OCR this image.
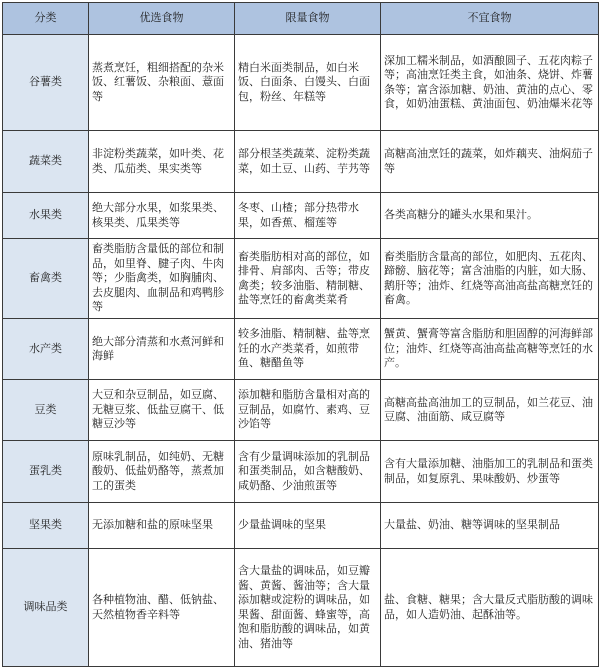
分类	优选食物	限量食物	不宜食物
谷薯类	蒸煮烹饪，粗细搭配的杂米饭、红薯饭、杂粮面、薏面等	精白米面类制品，如白米饭、白面条、白馒头、白面包，粉丝、年糕等	深加工糯米制品，如酒酿圆子、五花肉粽子等；高油烹饪类主食，如油条、烧饼、炸薯条等；富含添加糖、奶油、黄油的点心、零食，如奶油蛋糕、黄油面包、奶油爆米花等
蔬菜类	非淀粉类蔬菜，如叶类、花类、瓜茄类、果实类等	部分根茎类蔬菜、淀粉类蔬菜，如土豆、山药、芋艿等	高糖高油烹饪的蔬菜，如炸藕夹、油焖茄子等
水果类	绝大部分水果，如浆果类、核果类、瓜果类等	冬枣、山楂；部分热带水果，如香蕉、榴莲等	各类高糖分的罐头水果和果汁。
畜禽类	畜类脂肪含量低的部位和制品，如里脊、腱子肉、牛肉等；少脂禽类，如胸脯肉、去皮腿肉、血制品和鸡鸭胗等	畜类脂肪相对高的部位，如排骨、肩部肉、舌等；带皮禽类；较多油脂、精制糖、盐等烹饪的畜禽类菜肴	畜类脂肪含量高的部位，如肥肉、五花肉、蹄髈、脑花等；富含油脂的内脏，如大肠、鹅肝等；油炸、红烧等高油高盐高糖烹饪的畜禽。
水产类	绝大部分清蒸和水煮河鲜和海鲜	较多油脂、精制糖、盐等烹饪的水产类菜肴，如煎带鱼、糖醋鱼等	蟹黄、蟹膏等富含脂肪和胆固醇的河海鲜部位；油炸、红烧等高油高盐高糖等烹饪的水产。
豆类	大豆和杂豆制品，如豆腐、无糖豆浆、低盐豆腐干、低糖豆沙等	添加糖和脂肪含量相对高的豆制品，如腐竹、素鸡、豆沙馅等	高糖高盐高油加工的豆制品，如兰花豆、油豆腐、油面筋、咸豆腐等
蛋乳类	原味乳制品，如纯奶、无糖酸奶、低盐奶酪等，蒸煮加工的蛋类	含有少量调味添加的乳制品和蛋类制品，如含糖酸奶、咸奶酪、少油煎蛋等	含有大量添加糖、油脂加工的乳制品和蛋类制品，如复原乳、果味酸奶、炒蛋等
坚果类	无添加糖和盐的原味坚果	少量盐调味的坚果	大量盐、奶油、糖等调味的坚果制品
调味品类	各种植物油、醋、低钠盐、天然植物香辛料等	含大量盐的调味品，如豆瓣酱、黄酱、酱油等；含大量添加糖或淀粉的调味品，如果酱、甜面酱、蜂蜜等，高饱和脂肪酸的调味品，如黄油、猪油等	盐、食糖、糖果；含大量反式脂肪酸的调味品，如人造奶油、起酥油等。
